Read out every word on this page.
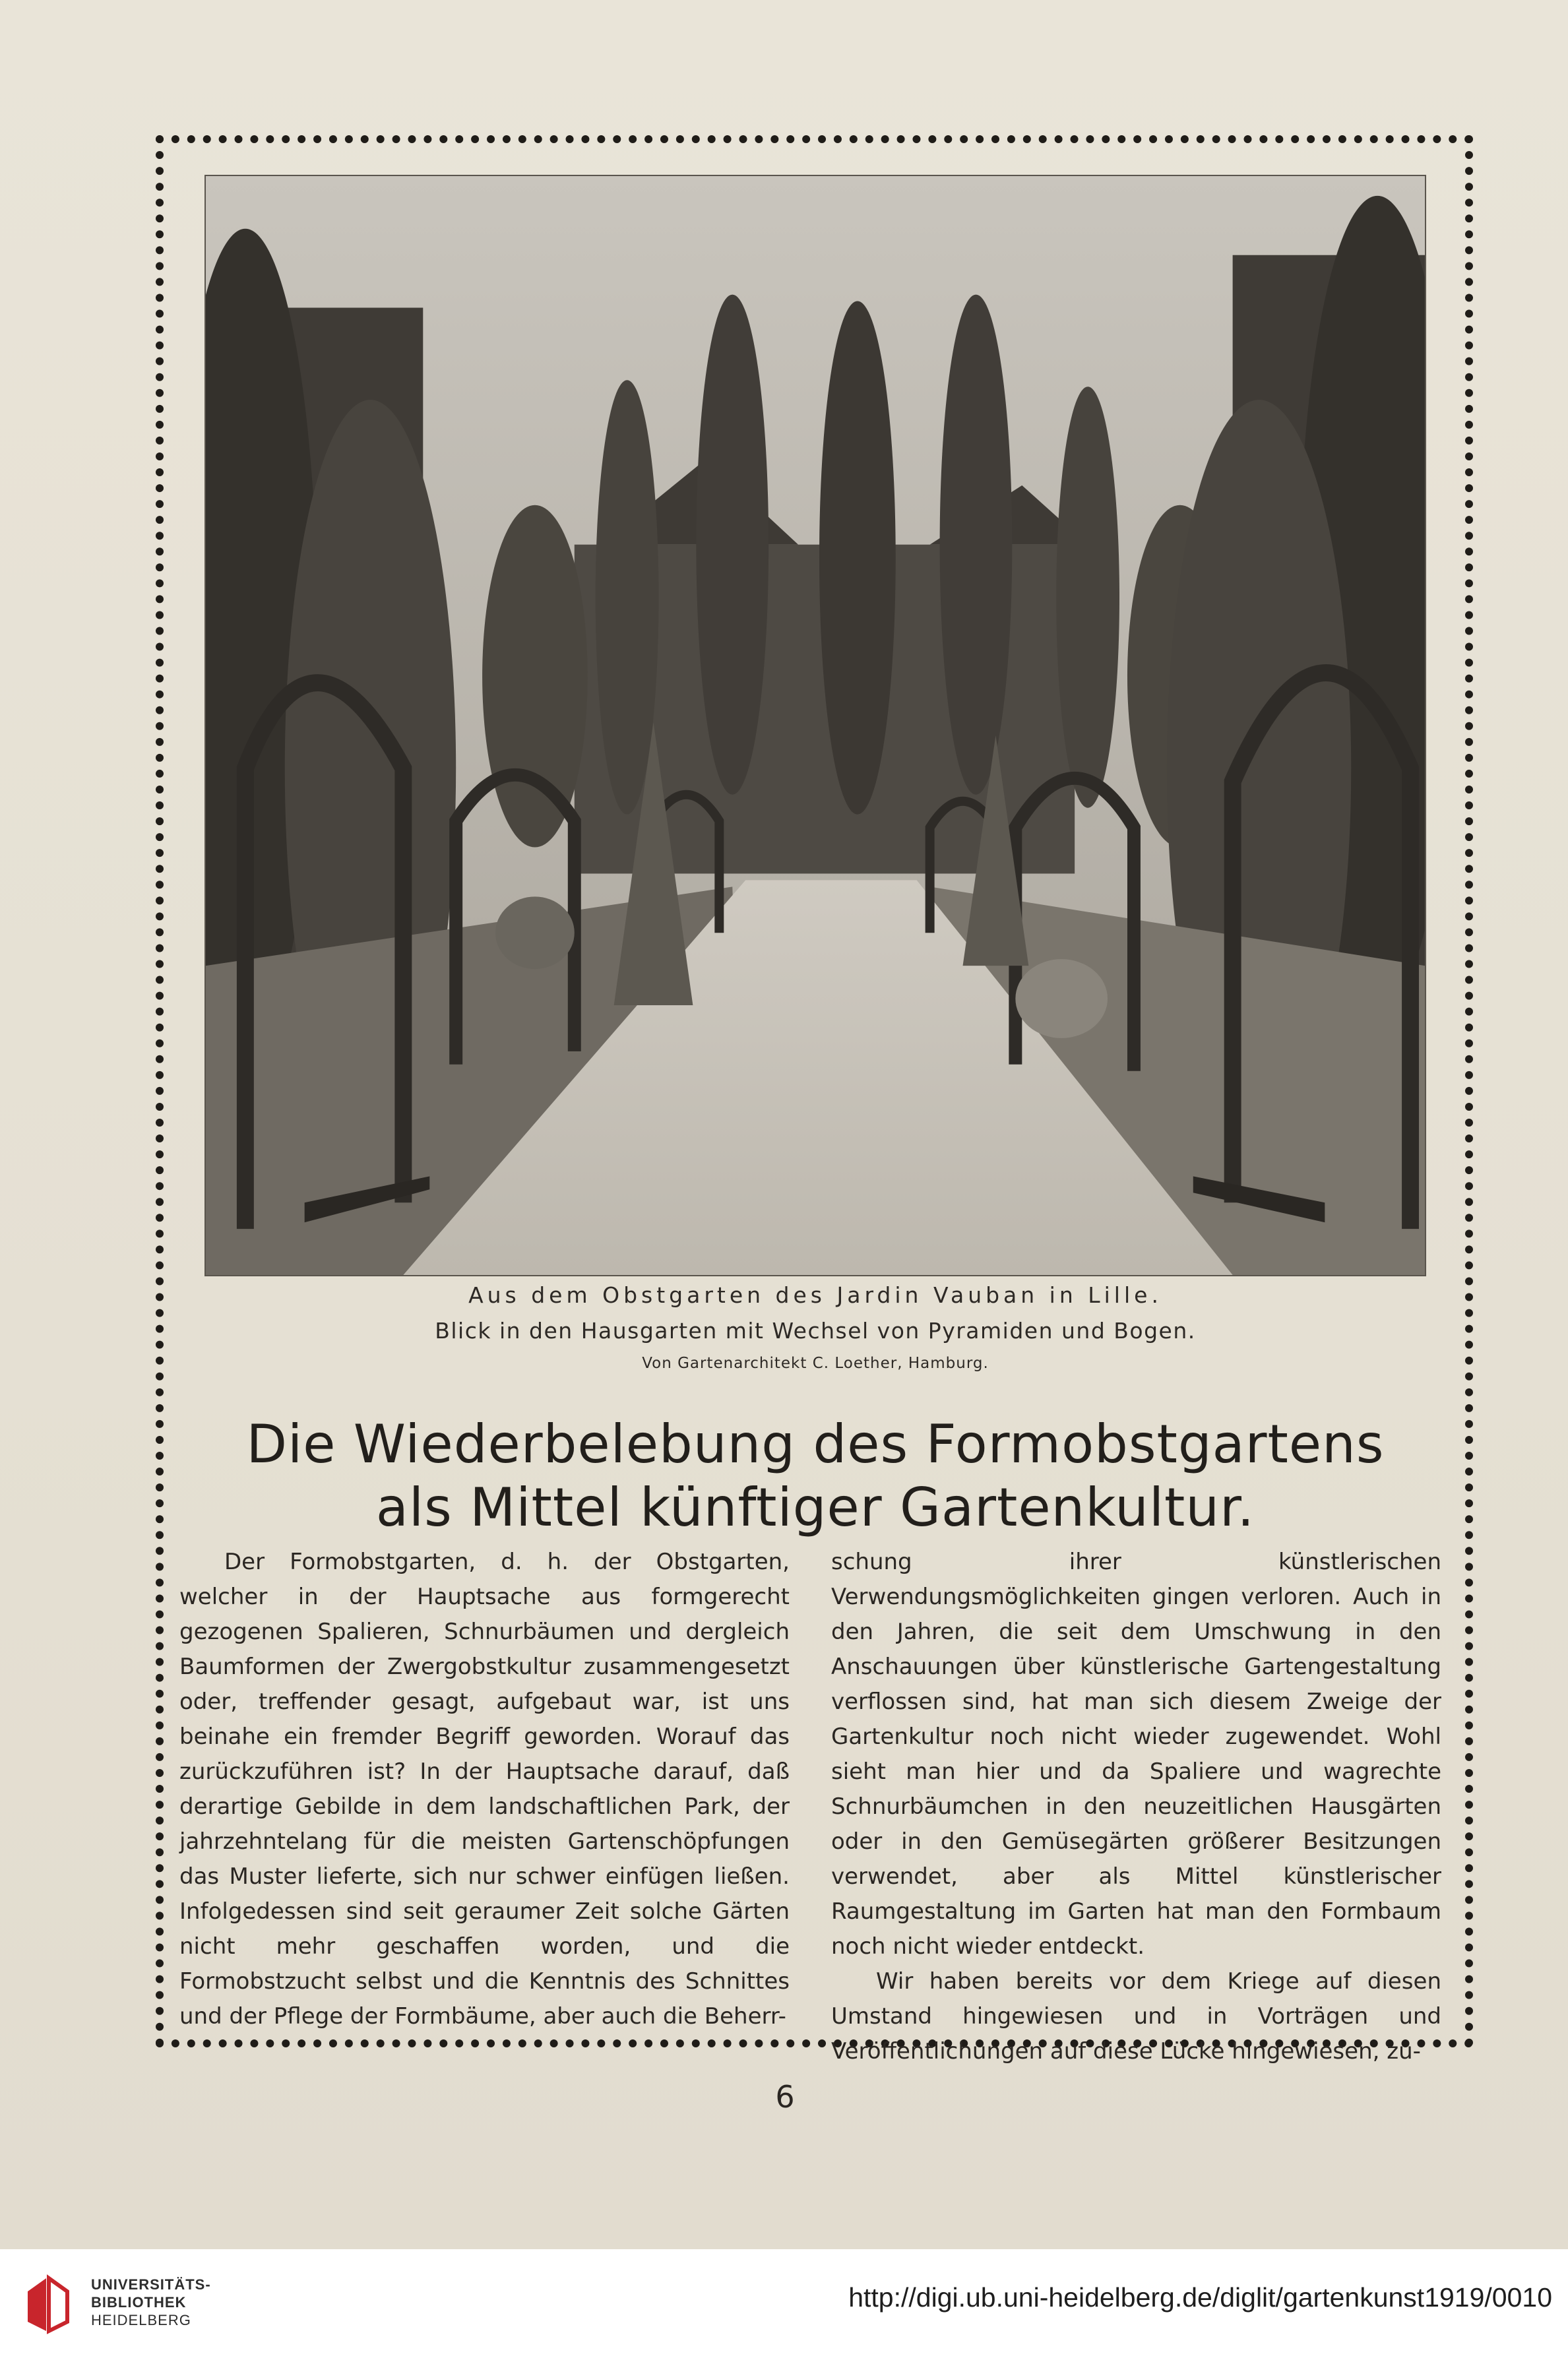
Aus dem Obstgarten des Jardin Vauban in Lille.
Blick in den Hausgarten mit Wechsel von Pyramiden und Bogen.
Von Gartenarchitekt C. Loether, Hamburg.
Die Wiederbelebung des Formobstgartens
als Mittel künftiger Gartenkultur.

Der Formobstgarten, d. h. der Obstgarten, welcher in der Hauptsache aus formgerecht gezogenen Spalieren, Schnurbäumen und dergleich Baumformen der Zwergobstkultur zusammengesetzt oder, treffender gesagt, aufgebaut war, ist uns beinahe ein fremder Begriff geworden. Worauf das zurückzuführen ist? In der Hauptsache darauf, daß derartige Gebilde in dem landschaftlichen Park, der jahrzehntelang für die meisten Gartenschöpfungen das Muster lieferte, sich nur schwer einfügen ließen. Infolgedessen sind seit geraumer Zeit solche Gärten nicht mehr geschaffen worden, und die Formobstzucht selbst und die Kenntnis des Schnittes und der Pflege der Formbäume, aber auch die Beherr-

schung ihrer künstlerischen Verwendungsmöglichkeiten gingen verloren. Auch in den Jahren, die seit dem Umschwung in den Anschauungen über künstlerische Gartengestaltung verflossen sind, hat man sich diesem Zweige der Gartenkultur noch nicht wieder zugewendet. Wohl sieht man hier und da Spaliere und wagrechte Schnurbäumchen in den neuzeitlichen Hausgärten oder in den Gemüsegärten größerer Besitzungen verwendet, aber als Mittel künstlerischer Raumgestaltung im Garten hat man den Formbaum noch nicht wieder entdeckt.

Wir haben bereits vor dem Kriege auf diesen Umstand hingewiesen und in Vorträgen und Veröffentlichungen auf diese Lücke hingewiesen, zu-

6
UNIVERSITÄTS-
BIBLIOTHEK
HEIDELBERG
http://digi.ub.uni-heidelberg.de/diglit/gartenkunst1919/0010
